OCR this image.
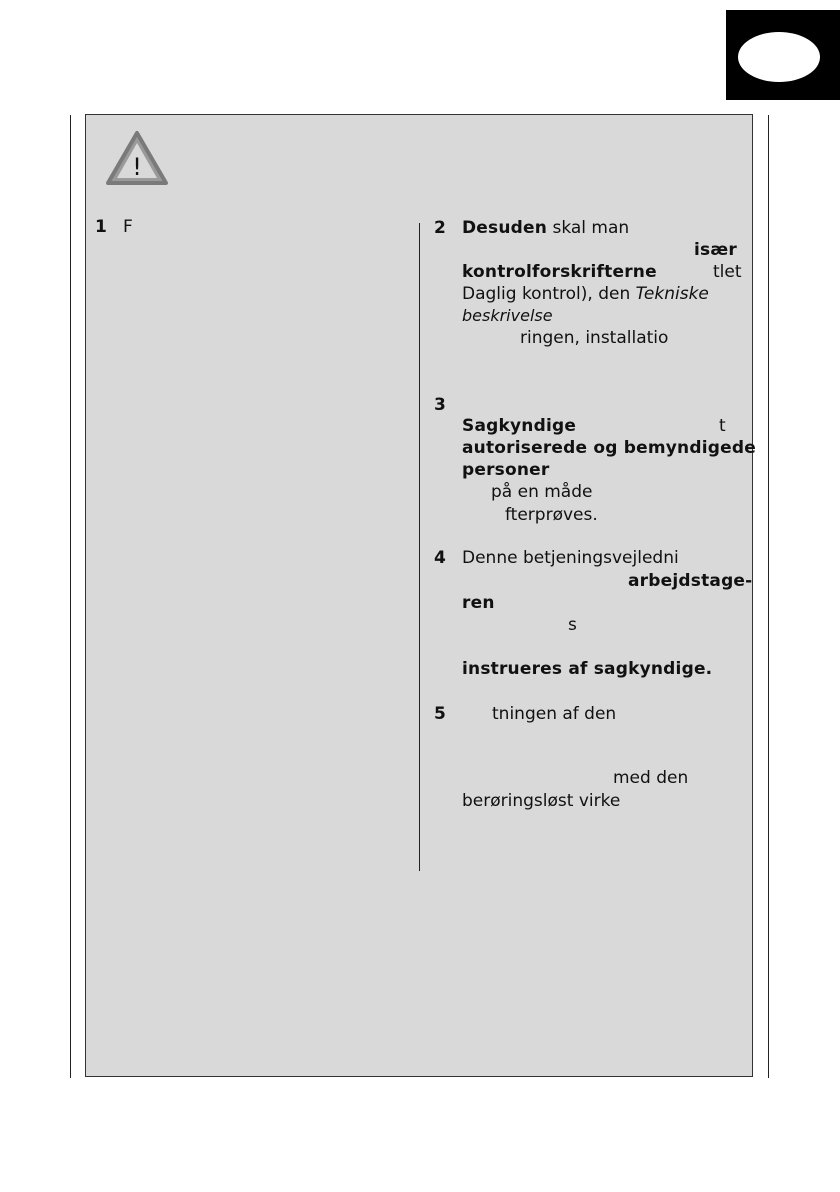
!
1 F	2 Desuden skal man
især
kontrolforskrifterne	tlet
Daglig kontrol), den Tekniske
beskrivelse
ringen, installatio
3
Sagkyndige	t
autoriserede og bemyndigede
personer
på en måde
fterprøves.
4 Denne betjeningsvejledni
arbejdstage-
ren
s
instrueres af sagkyndige.
5	tningen af den
med den
berøringsløst virke
